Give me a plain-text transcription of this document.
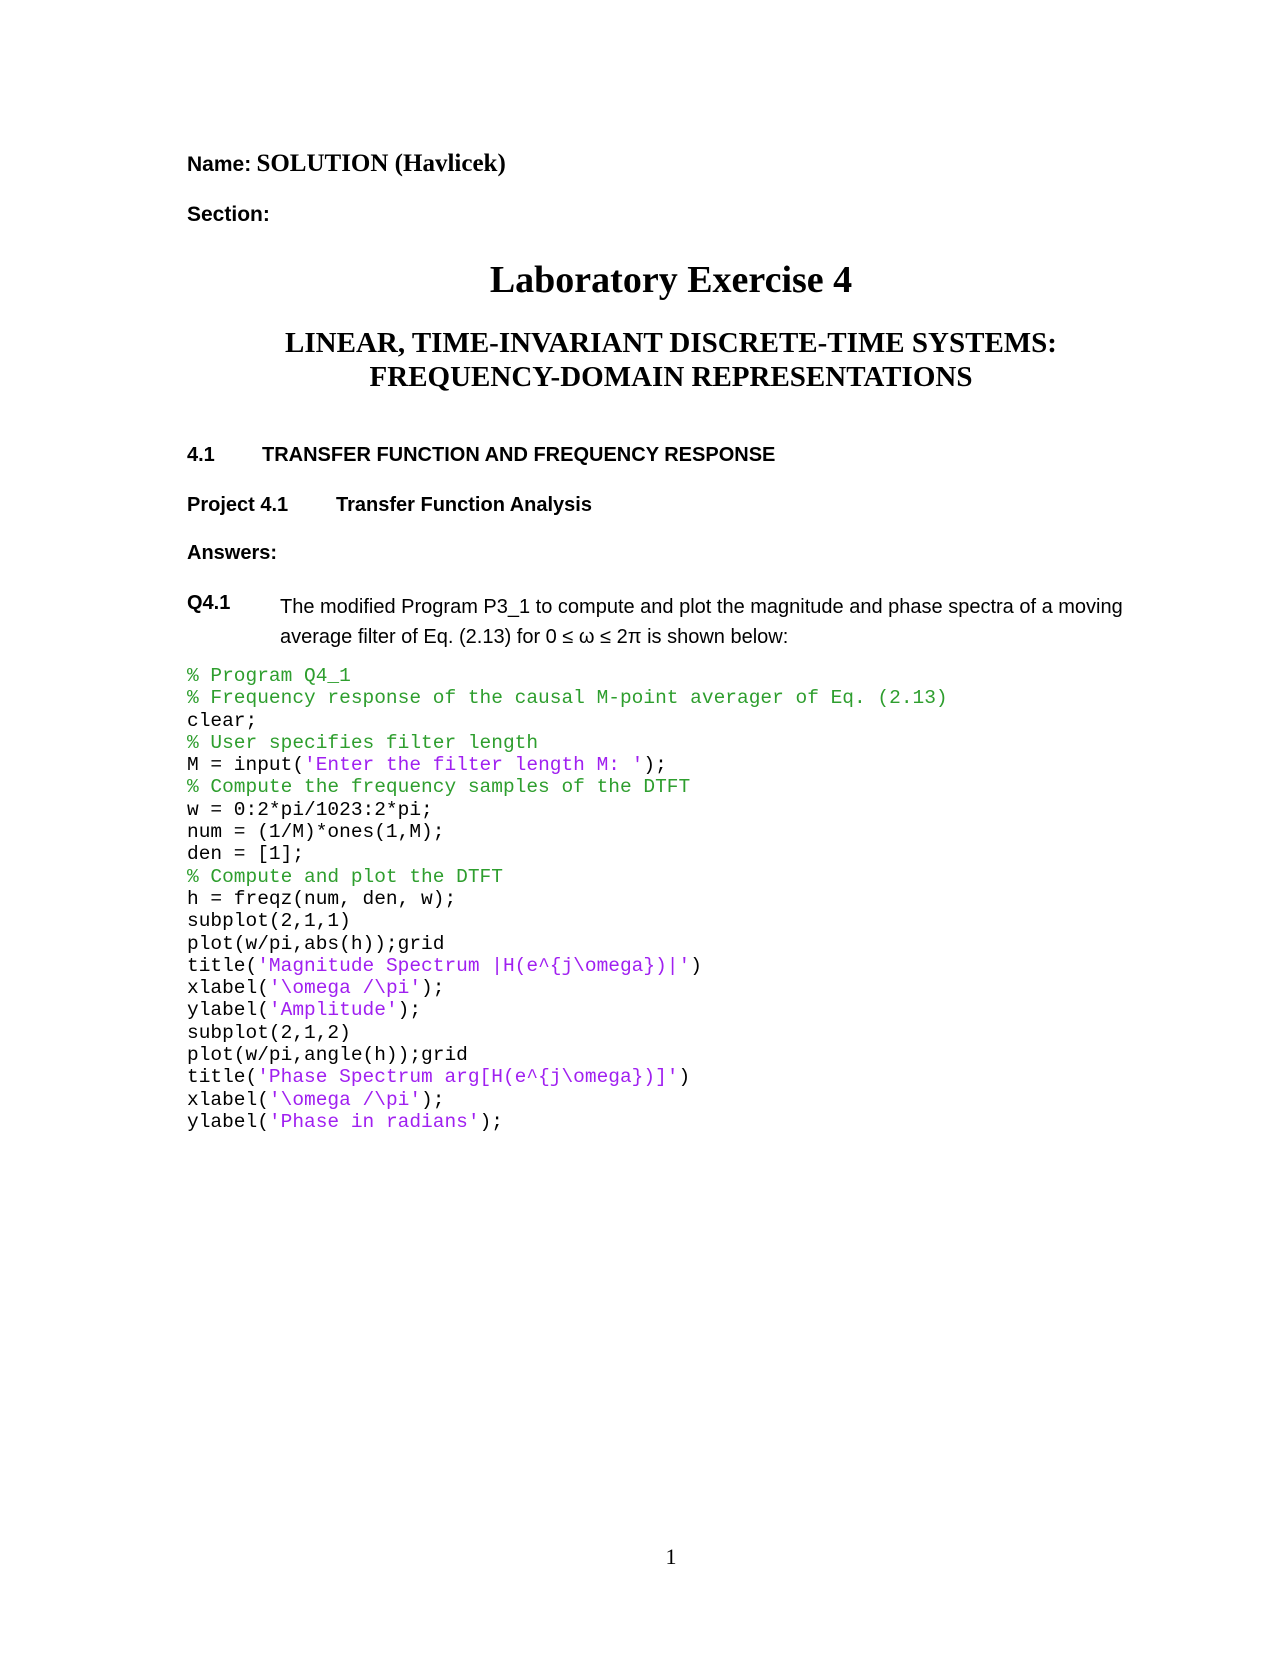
Name: SOLUTION (Havlicek)
Section:
Laboratory Exercise 4
LINEAR, TIME-INVARIANT DISCRETE-TIME SYSTEMS:
FREQUENCY-DOMAIN REPRESENTATIONS
4.1 TRANSFER FUNCTION AND FREQUENCY RESPONSE
Project 4.1 Transfer Function Analysis
Answers:
Q4.1 The modified Program P3_1 to compute and plot the magnitude and phase spectra of a moving average filter of Eq. (2.13) for 0 ≤ ω ≤ 2π is shown below:
% Program Q4_1
% Frequency response of the causal M-point averager of Eq. (2.13)
clear;
% User specifies filter length
M = input('Enter the filter length M: ');
% Compute the frequency samples of the DTFT
w = 0:2*pi/1023:2*pi;
num = (1/M)*ones(1,M);
den = [1];
% Compute and plot the DTFT
h = freqz(num, den, w);
subplot(2,1,1)
plot(w/pi,abs(h));grid
title('Magnitude Spectrum |H(e^{j\omega})|')
xlabel('\omega /\pi');
ylabel('Amplitude');
subplot(2,1,2)
plot(w/pi,angle(h));grid
title('Phase Spectrum arg[H(e^{j\omega})]')
xlabel('\omega /\pi');
ylabel('Phase in radians');
1
